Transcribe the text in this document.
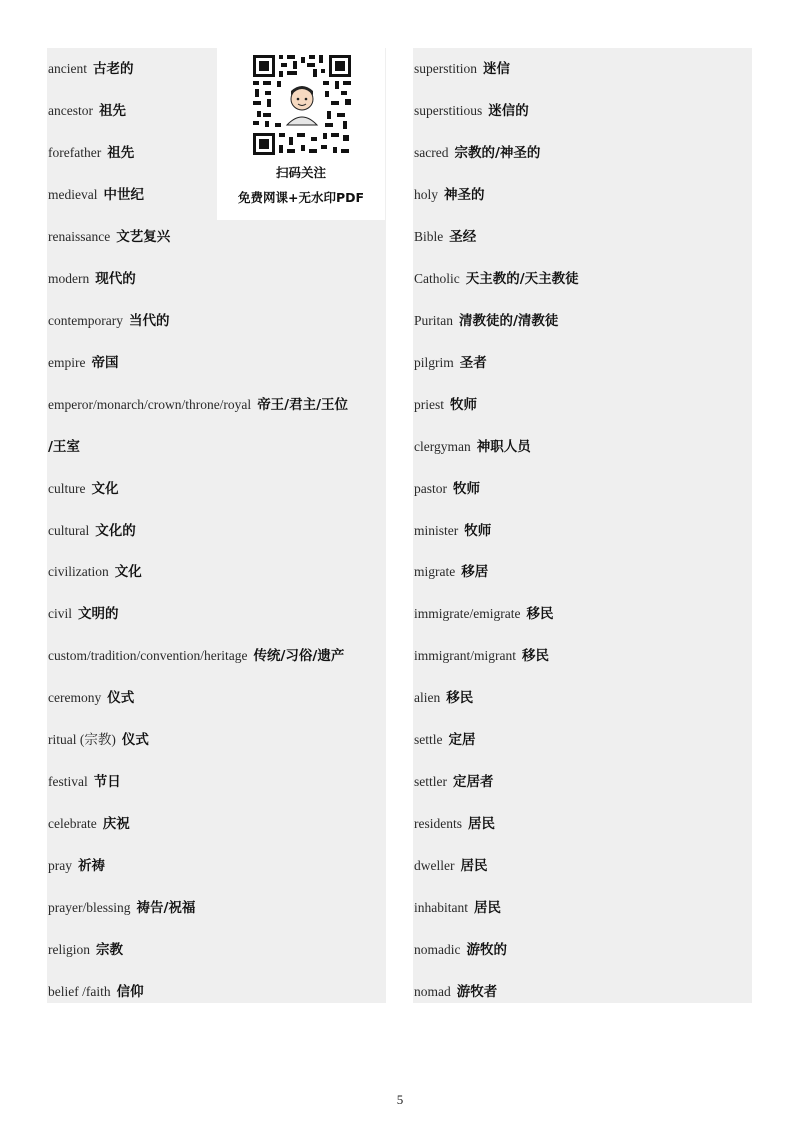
ancient 古老的
ancestor 祖先
forefather 祖先
medieval 中世纪
renaissance 文艺复兴
modern 现代的
contemporary 当代的
empire 帝国
emperor/monarch/crown/throne/royal 帝王/君主/王位
/王室
culture 文化
cultural 文化的
civilization 文化
civil 文明的
custom/tradition/convention/heritage 传统/习俗/遗产
ceremony 仪式
ritual (宗教) 仪式
festival 节日
celebrate 庆祝
pray 祈祷
prayer/blessing 祷告/祝福
religion 宗教
belief /faith 信仰
superstition 迷信
superstitious 迷信的
sacred 宗教的/神圣的
holy 神圣的
Bible 圣经
Catholic 天主教的/天主教徒
Puritan 清教徒的/清教徒
pilgrim 圣者
priest 牧师
clergyman 神职人员
pastor 牧师
minister 牧师
migrate 移居
immigrate/emigrate 移民
immigrant/migrant 移民
alien 移民
settle 定居
settler 定居者
residents 居民
dweller 居民
inhabitant 居民
nomadic 游牧的
nomad 游牧者
扫码关注
免费网课+无水印PDF
5
